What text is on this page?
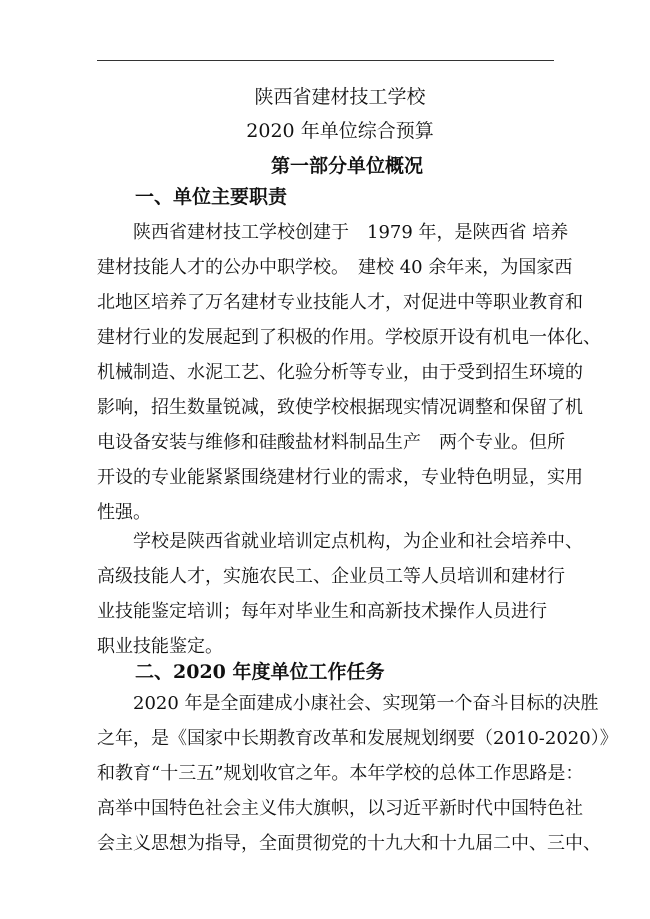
陕西省建材技工学校
2020 年单位综合预算
第一部分单位概况
一、单位主要职责
　　陕西省建材技工学校创建于　1979 年，是陕西省 培养
建材技能人才的公办中职学校。　建校 40 余年来，为国家西
北地区培养了万名建材专业技能人才，对促进中等职业教育和
建材行业的发展起到了积极的作用。学校原开设有机电一体化、
机械制造、水泥工艺、化验分析等专业，由于受到招生环境的
影响，招生数量锐减，致使学校根据现实情况调整和保留了机
电设备安装与维修和硅酸盐材料制品生产　两个专业。但所
开设的专业能紧紧围绕建材行业的需求，专业特色明显，实用
性强。
　　学校是陕西省就业培训定点机构，为企业和社会培养中、
高级技能人才，实施农民工、企业员工等人员培训和建材行
业技能鉴定培训；每年对毕业生和高新技术操作人员进行
职业技能鉴定。
二、2020 年度单位工作任务
　　2020 年是全面建成小康社会、实现第一个奋斗目标的决胜
之年，是《国家中长期教育改革和发展规划纲要（2010-2020）》
和教育“十三五”规划收官之年。本年学校的总体工作思路是：
高举中国特色社会主义伟大旗帜，以习近平新时代中国特色社
会主义思想为指导，全面贯彻党的十九大和十九届二中、三中、
